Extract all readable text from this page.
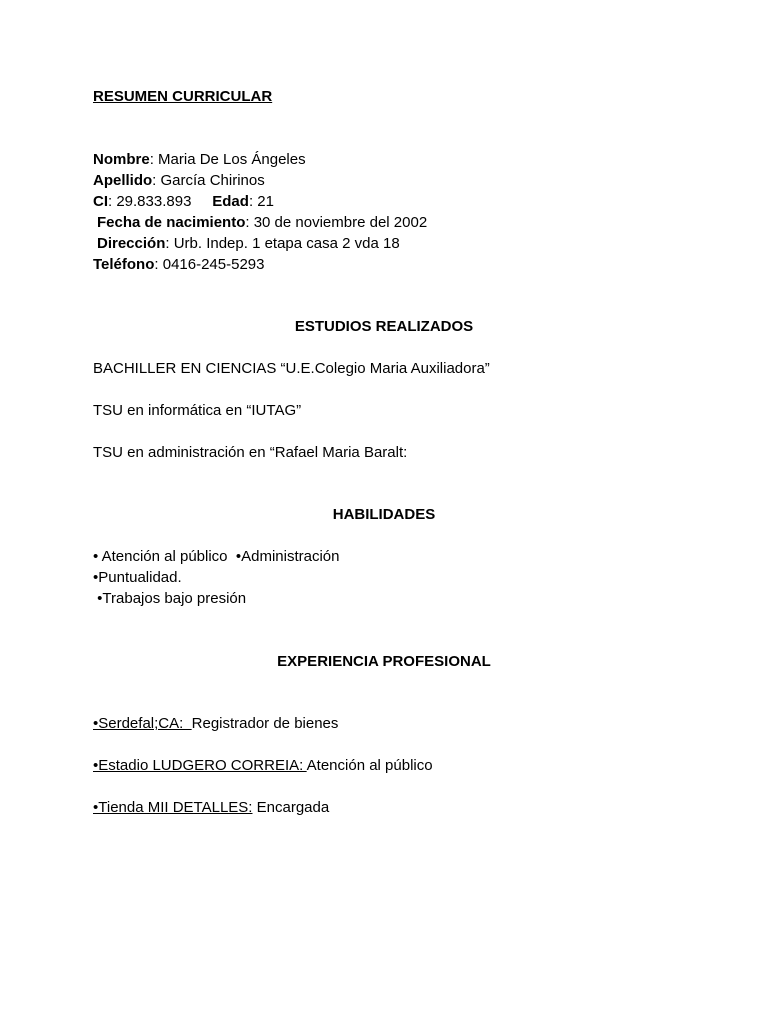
RESUMEN CURRICULAR
Nombre: Maria De Los Ángeles
Apellido: García Chirinos
CI: 29.833.893     Edad: 21
Fecha de nacimiento: 30 de noviembre del 2002
Dirección: Urb. Indep. 1 etapa casa 2 vda 18
Teléfono: 0416-245-5293
ESTUDIOS REALIZADOS
BACHILLER EN CIENCIAS “U.E.Colegio Maria Auxiliadora”
TSU en informática en “IUTAG”
TSU en administración en “Rafael Maria Baralt:
HABILIDADES
• Atención al público  •Administración
•Puntualidad.
•Trabajos bajo presión
EXPERIENCIA PROFESIONAL
•Serdefal;CA:  Registrador de bienes
•Estadio LUDGERO CORREIA: Atención al público
•Tienda MII DETALLES: Encargada
